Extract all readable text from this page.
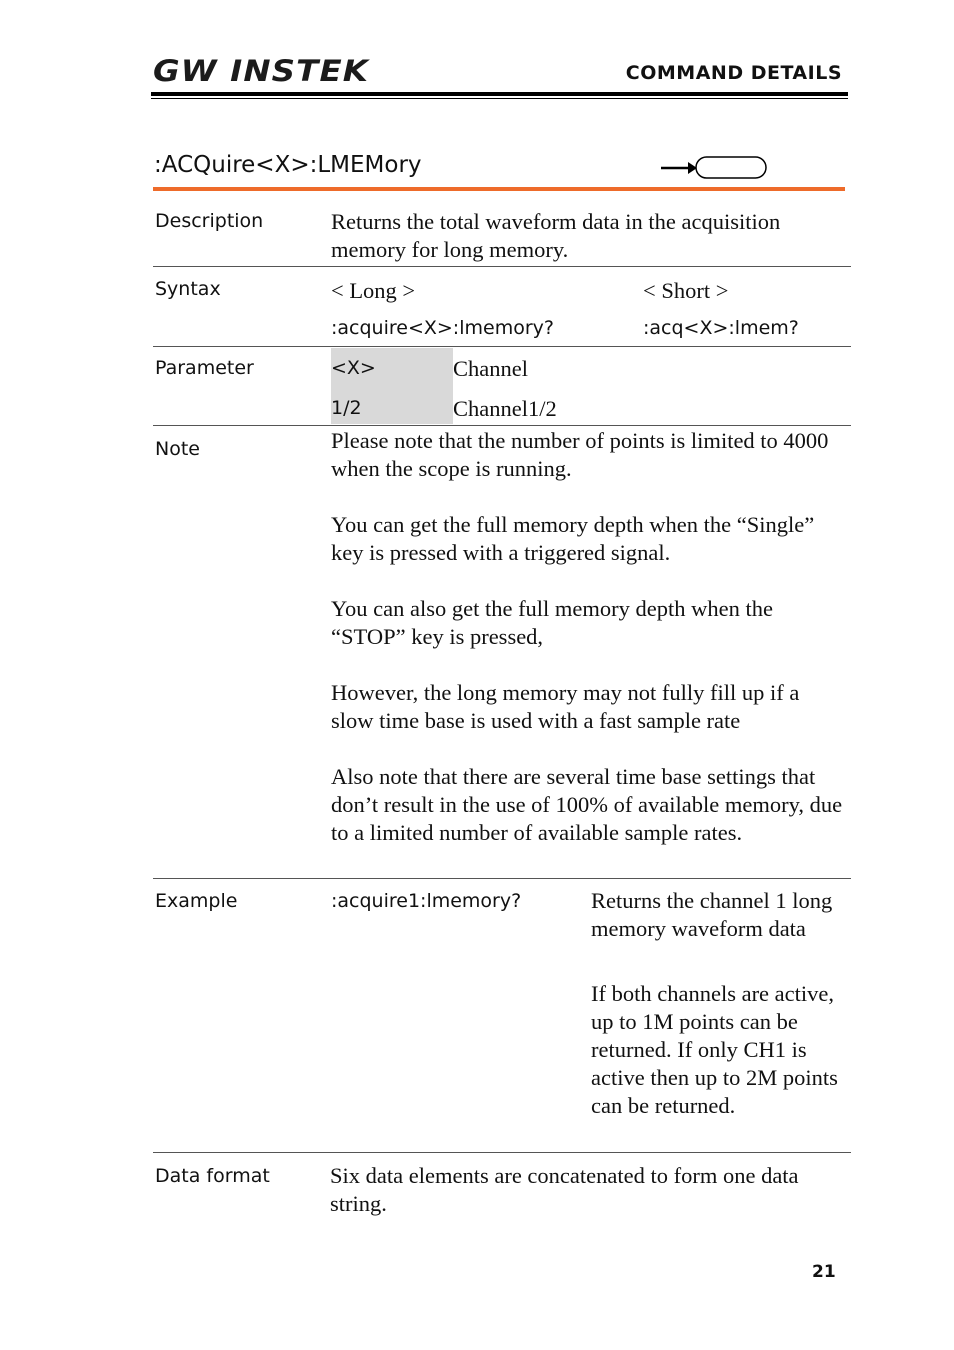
GW INSTEK	COMMAND DETAILS
:ACQuire<X>:LMEMory
Description	Returns the total waveform data in the acquisition memory for long memory.
Syntax	< Long >	< Short >
:acquire<X>:lmemory?	:acq<X>:lmem?
Parameter	<X>	Channel
1/2	Channel1/2
Note	Please note that the number of points is limited to 4000 when the scope is running.

You can get the full memory depth when the “Single” key is pressed with a triggered signal.

You can also get the full memory depth when the “STOP” key is pressed,

However, the long memory may not fully fill up if a slow time base is used with a fast sample rate

Also note that there are several time base settings that don’t result in the use of 100% of available memory, due to a limited number of available sample rates.

Example	:acquire1:lmemory?	Returns the channel 1 long memory waveform data
If both channels are active, up to 1M points can be returned. If only CH1 is active then up to 2M points can be returned.
Data format	Six data elements are concatenated to form one data string.
21
